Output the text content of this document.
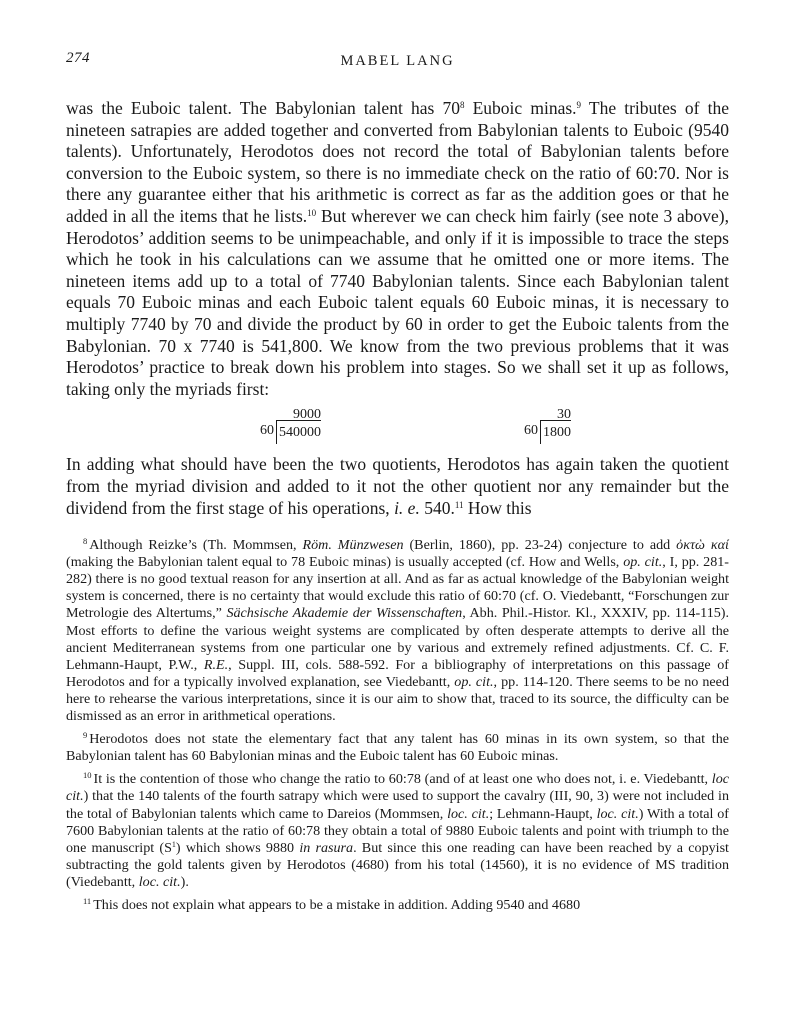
274	MABEL LANG

was the Euboic talent. The Babylonian talent has $70^8$ Euboic minas.$^9$ The tributes of the nineteen satrapies are added together and converted from Babylonian talents to Euboic (9540 talents). Unfortunately, Herodotos does not record the total of Babylonian talents before conversion to the Euboic system, so there is no immediate check on the ratio of 60:70. Nor is there any guarantee either that his arithmetic is correct as far as the addition goes or that he added in all the items that he lists.$^{10}$ But wherever we can check him fairly (see note 3 above), Herodotos’ addition seems to be unimpeachable, and only if it is impossible to trace the steps which he took in his calculations can we assume that he omitted one or more items. The nineteen items add up to a total of 7740 Babylonian talents. Since each Babylonian talent equals 70 Euboic minas and each Euboic talent equals 60 Euboic minas, it is necessary to multiply 7740 by 70 and divide the product by 60 in order to get the Euboic talents from the Babylonian. 70 x 7740 is 541,800. We know from the two previous problems that it was Herodotos’ practice to break down his problem into stages. So we shall set it up as follows, taking only the myriads first:

9000
60 540000
30
60 1800

In adding what should have been the two quotients, Herodotos has again taken the quotient from the myriad division and added to it not the other quotient nor any remainder but the dividend from the first stage of his operations, i. e. 540.11 How this

$^8$ Although Reizke’s (Th. Mommsen, Röm. Münzwesen (Berlin, 1860), pp. 23-24) conjecture to add ὀκτὼ καί (making the Babylonian talent equal to 78 Euboic minas) is usually accepted (cf. How and Wells, op. cit., I, pp. 281-282) there is no good textual reason for any insertion at all. And as far as actual knowledge of the Babylonian weight system is concerned, there is no certainty that would exclude this ratio of 60:70 (cf. O. Viedebantt, “Forschungen zur Metrologie des Altertums,” Sächsische Akademie der Wissenschaften, Abh. Phil.-Histor. Kl., XXXIV, pp. 114-115). Most efforts to define the various weight systems are complicated by often desperate attempts to derive all the ancient Mediterranean systems from one particular one by various and extremely refined adjustments. Cf. C. F. Lehmann-Haupt, P.W., R.E., Suppl. III, cols. 588-592. For a bibliography of interpretations on this passage of Herodotos and for a typically involved explanation, see Viedebantt, op. cit., pp. 114-120. There seems to be no need here to rehearse the various interpretations, since it is our aim to show that, traced to its source, the difficulty can be dismissed as an error in arithmetical operations.

$^9$ Herodotos does not state the elementary fact that any talent has 60 minas in its own system, so that the Babylonian talent has 60 Babylonian minas and the Euboic talent has 60 Euboic minas.

$^{10}$ It is the contention of those who change the ratio to 60:78 (and of at least one who does not, i. e. Viedebantt, loc cit.) that the 140 talents of the fourth satrapy which were used to support the cavalry (III, 90, 3) were not included in the total of Babylonian talents which came to Dareios (Mommsen, loc. cit.; Lehmann-Haupt, loc. cit.) With a total of 7600 Babylonian talents at the ratio of 60:78 they obtain a total of 9880 Euboic talents and point with triumph to the one manuscript $(S^1)$ which shows 9880 in rasura. But since this one reading can have been reached by a copyist subtracting the gold talents given by Herodotos (4680) from his total (14560), it is no evidence of MS tradition (Viedebantt, loc. cit.).

$^{11}$ This does not explain what appears to be a mistake in addition. Adding 9540 and 4680
